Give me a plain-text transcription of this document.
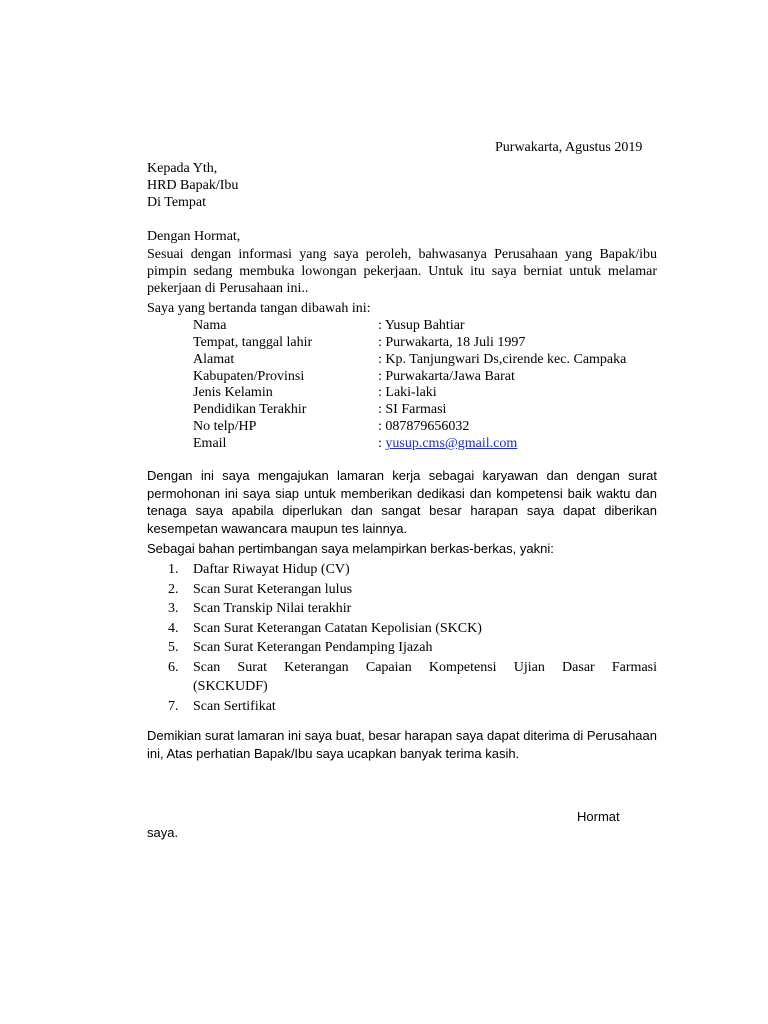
Purwakarta, Agustus 2019
Kepada Yth,
HRD Bapak/Ibu
Di Tempat
Dengan Hormat,
Sesuai dengan informasi yang saya peroleh, bahwasanya Perusahaan yang Bapak/ibu pimpin sedang membuka lowongan pekerjaan. Untuk itu saya berniat untuk melamar pekerjaan di Perusahaan ini..
Saya yang bertanda tangan dibawah ini:
Nama	: Yusup Bahtiar
Tempat, tanggal lahir	: Purwakarta, 18 Juli 1997
Alamat	: Kp. Tanjungwari Ds,cirende kec. Campaka
Kabupaten/Provinsi	: Purwakarta/Jawa Barat
Jenis Kelamin	: Laki-laki
Pendidikan Terakhir	: SI Farmasi
No telp/HP	: 087879656032
Email	: yusup.cms@gmail.com
Dengan ini saya mengajukan lamaran kerja sebagai karyawan dan dengan surat permohonan ini saya siap untuk memberikan dedikasi dan kompetensi baik waktu dan tenaga saya apabila diperlukan dan sangat besar harapan saya dapat diberikan kesempetan wawancara maupun tes lainnya.
Sebagai bahan pertimbangan saya melampirkan berkas-berkas, yakni:
1. Daftar Riwayat Hidup (CV)
2. Scan Surat Keterangan lulus
3. Scan Transkip Nilai terakhir
4. Scan Surat Keterangan Catatan Kepolisian (SKCK)
5. Scan Surat Keterangan Pendamping Ijazah
6. Scan Surat Keterangan Capaian Kompetensi Ujian Dasar Farmasi
(SKCKUDF)
7. Scan Sertifikat
Demikian surat lamaran ini saya buat, besar harapan saya dapat diterima di Perusahaan ini, Atas perhatian Bapak/Ibu saya ucapkan banyak terima kasih.
Hormat
saya.
